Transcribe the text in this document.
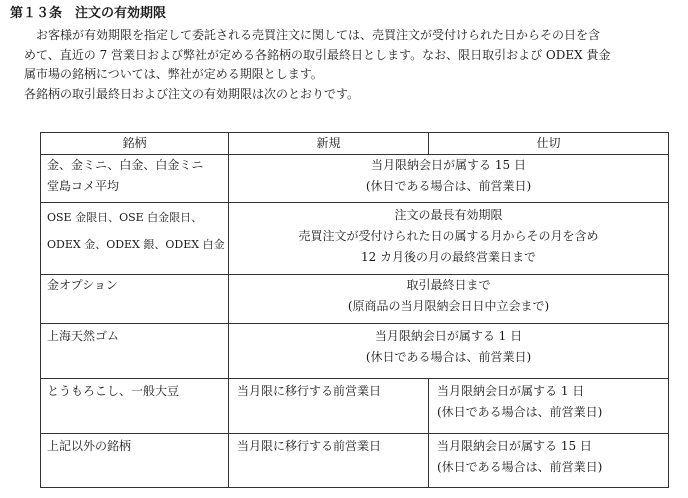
第１３条　注文の有効期限

お客様が有効期限を指定して委託される売買注文に関しては、売買注文が受付けられた日からその日を含

めて、直近の 7 営業日および弊社が定める各銘柄の取引最終日とします。なお、限日取引および ODEX 貴金

属市場の銘柄については、弊社が定める期限とします。

各銘柄の取引最終日および注文の有効期限は次のとおりです。

銘柄	新規	仕切

金、金ミニ、白金、白金ミニ
堂島コメ平均	当月限納会日が属する 15 日
(休日である場合は、前営業日)	

OSE 金限日、OSE 白金限日、
ODEX 金、ODEX 銀、ODEX 白金	注文の最長有効期限
売買注文が受付けられた日の属する月からその月を含め
12 カ月後の月の最終営業日まで	

金オプション	取引最終日まで
(原商品の当月限納会日日中立会まで)	

上海天然ゴム	当月限納会日が属する 1 日
(休日である場合は、前営業日)	

とうもろこし、一般大豆	当月限に移行する前営業日	当月限納会日が属する 1 日
(休日である場合は、前営業日)

上記以外の銘柄	当月限に移行する前営業日	当月限納会日が属する 15 日
(休日である場合は、前営業日)
